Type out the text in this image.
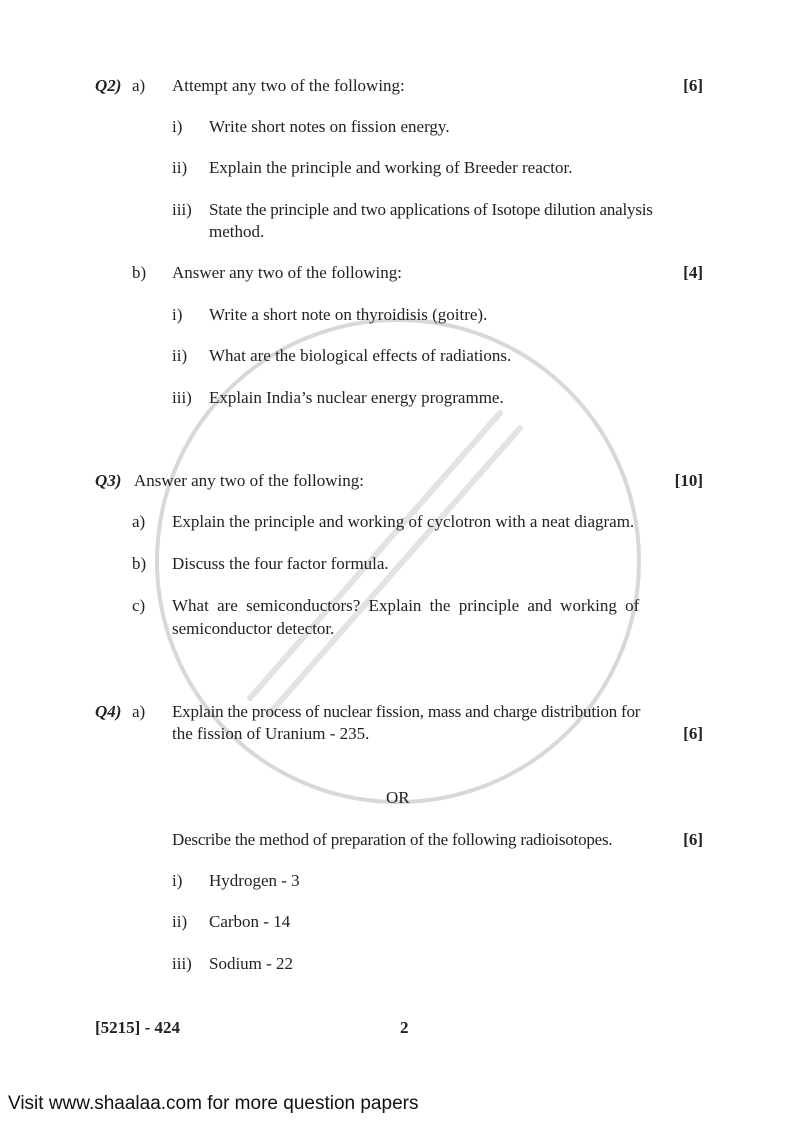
Q2) a) Attempt any two of the following:	[6]
i) Write short notes on fission energy.
ii) Explain the principle and working of Breeder reactor.
iii) State the principle and two applications of Isotope dilution analysis
method.
b) Answer any two of the following:	[4]
i) Write a short note on thyroidisis (goitre).
ii) What are the biological effects of radiations.
iii) Explain India’s nuclear energy programme.
Q3) Answer any two of the following:	[10]
a) Explain the principle and working of cyclotron with a neat diagram.
b) Discuss the four factor formula.
c) What are semiconductors? Explain the principle and working of
semiconductor detector.
Q4) a) Explain the process of nuclear fission, mass and charge distribution for
the fission of Uranium - 235.	[6]
OR
Describe the method of preparation of the following radioisotopes.	[6]
i) Hydrogen - 3
ii) Carbon - 14
iii) Sodium - 22
[5215] - 424	2
Visit www.shaalaa.com for more question papers
